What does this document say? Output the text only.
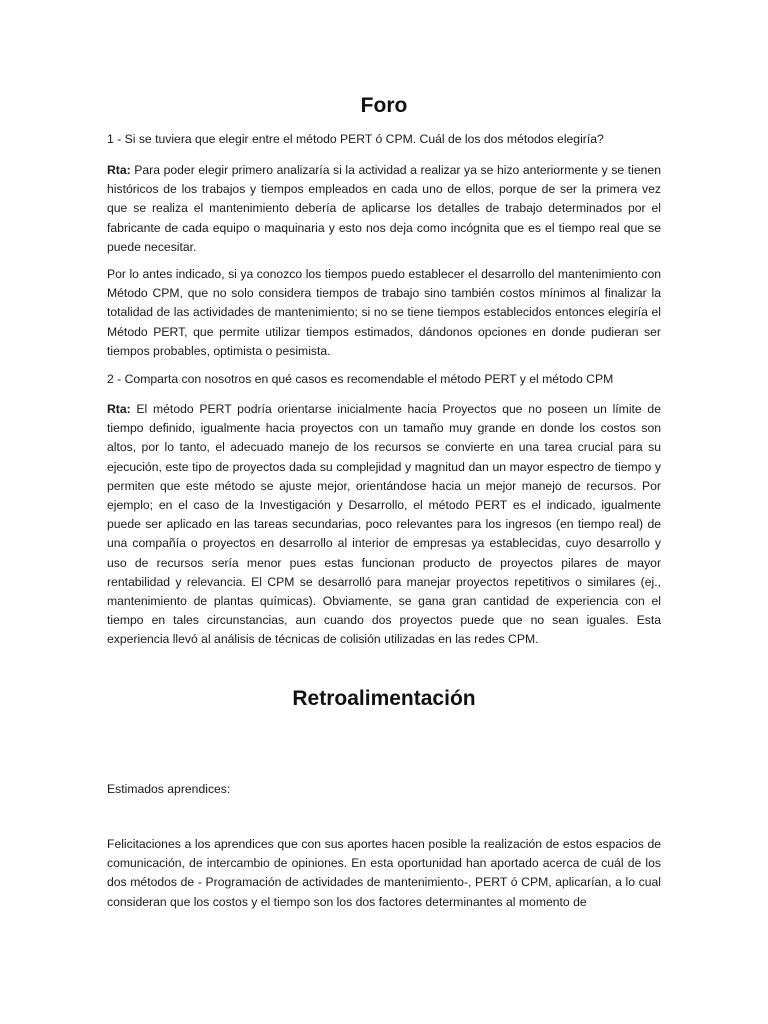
Foro

1 - Si se tuviera que elegir entre el método PERT ó CPM. Cuál de los dos métodos elegiría?

Rta: Para poder elegir primero analizaría si la actividad a realizar ya se hizo anteriormente y se tienen históricos de los trabajos y tiempos empleados en cada uno de ellos, porque de ser la primera vez que se realiza el mantenimiento debería de aplicarse los detalles de trabajo determinados por el fabricante de cada equipo o maquinaria y esto nos deja como incógnita que es el tiempo real que se puede necesitar.

Por lo antes indicado, si ya conozco los tiempos puedo establecer el desarrollo del mantenimiento con Método CPM, que no solo considera tiempos de trabajo sino también costos mínimos al finalizar la totalidad de las actividades de mantenimiento; si no se tiene tiempos establecidos entonces elegiría el Método PERT, que permite utilizar tiempos estimados, dándonos opciones en donde pudieran ser tiempos probables, optimista o pesimista.

2 - Comparta con nosotros en qué casos es recomendable el método PERT y el método CPM

Rta: El método PERT podría orientarse inicialmente hacia Proyectos que no poseen un límite de tiempo definido, igualmente hacia proyectos con un tamaño muy grande en donde los costos son altos, por lo tanto, el adecuado manejo de los recursos se convierte en una tarea crucial para su ejecución, este tipo de proyectos dada su complejidad y magnitud dan un mayor espectro de tiempo y permiten que este método se ajuste mejor, orientándose hacia un mejor manejo de recursos. Por ejemplo; en el caso de la Investigación y Desarrollo, el método PERT es el indicado, igualmente puede ser aplicado en las tareas secundarias, poco relevantes para los ingresos (en tiempo real) de una compañía o proyectos en desarrollo al interior de empresas ya establecidas, cuyo desarrollo y uso de recursos sería menor pues estas funcionan producto de proyectos pilares de mayor rentabilidad y relevancia. El CPM se desarrolló para manejar proyectos repetitivos o similares (ej., mantenimiento de plantas químicas). Obviamente, se gana gran cantidad de experiencia con el tiempo en tales circunstancias, aun cuando dos proyectos puede que no sean iguales. Esta experiencia llevó al análisis de técnicas de colisión utilizadas en las redes CPM.

Retroalimentación

Estimados aprendices:

Felicitaciones a los aprendices que con sus aportes hacen posible la realización de estos espacios de comunicación, de intercambio de opiniones. En esta oportunidad han aportado acerca de cuál de los dos métodos de - Programación de actividades de mantenimiento-, PERT ó CPM, aplicarían, a lo cual consideran que los costos y el tiempo son los dos factores determinantes al momento de
